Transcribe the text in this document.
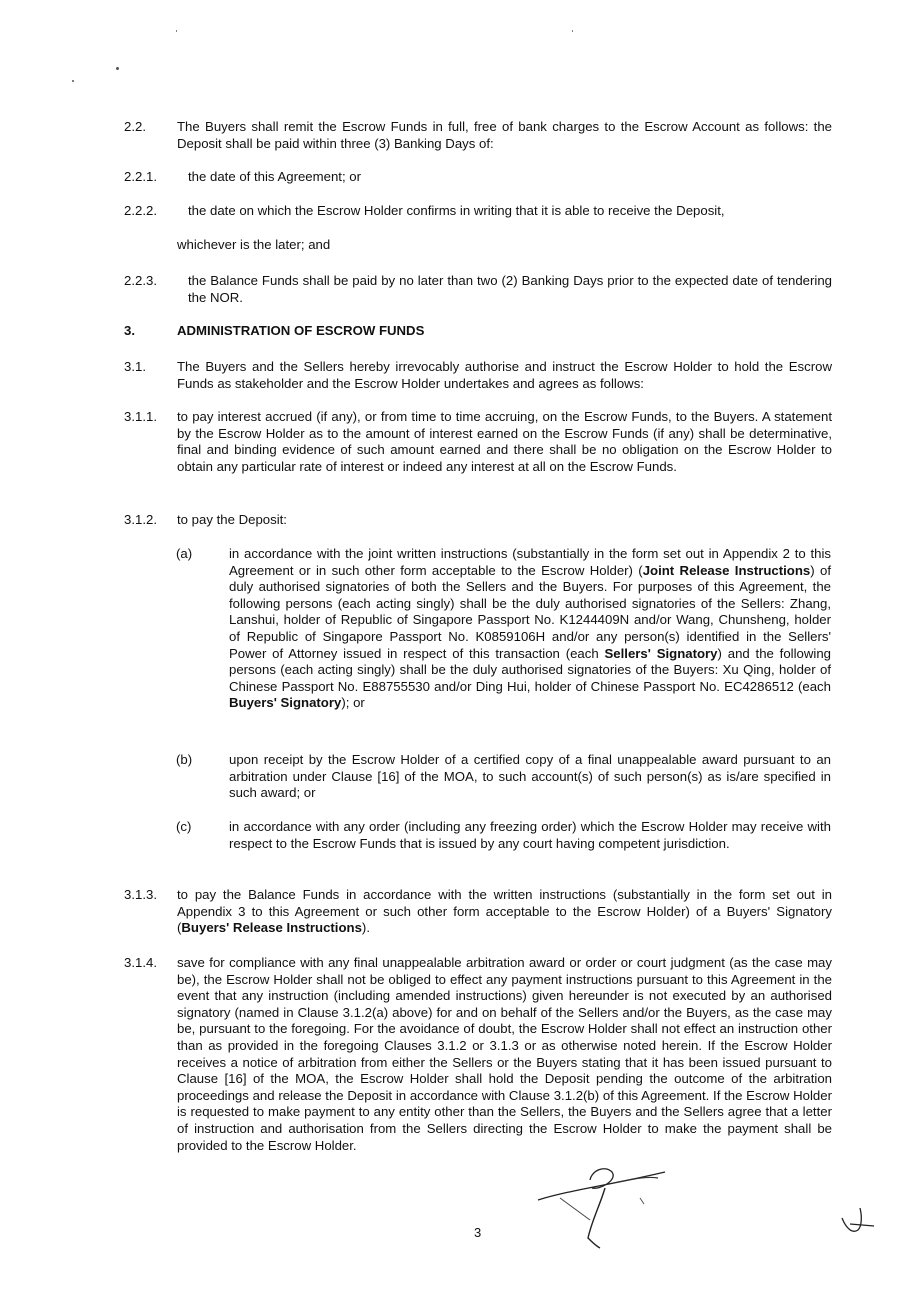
2.2. The Buyers shall remit the Escrow Funds in full, free of bank charges to the Escrow Account as follows: the Deposit shall be paid within three (3) Banking Days of:
2.2.1. the date of this Agreement; or
2.2.2. the date on which the Escrow Holder confirms in writing that it is able to receive the Deposit,
whichever is the later; and
2.2.3. the Balance Funds shall be paid by no later than two (2) Banking Days prior to the expected date of tendering the NOR.
3.	ADMINISTRATION OF ESCROW FUNDS
3.1. The Buyers and the Sellers hereby irrevocably authorise and instruct the Escrow Holder to hold the Escrow Funds as stakeholder and the Escrow Holder undertakes and agrees as follows:
3.1.1. to pay interest accrued (if any), or from time to time accruing, on the Escrow Funds, to the Buyers. A statement by the Escrow Holder as to the amount of interest earned on the Escrow Funds (if any) shall be determinative, final and binding evidence of such amount earned and there shall be no obligation on the Escrow Holder to obtain any particular rate of interest or indeed any interest at all on the Escrow Funds.
3.1.2. to pay the Deposit:
(a)	in accordance with the joint written instructions (substantially in the form set out in Appendix 2 to this Agreement or in such other form acceptable to the Escrow Holder) (Joint Release Instructions) of duly authorised signatories of both the Sellers and the Buyers. For purposes of this Agreement, the following persons (each acting singly) shall be the duly authorised signatories of the Sellers: Zhang, Lanshui, holder of Republic of Singapore Passport No. K1244409N and/or Wang, Chunsheng, holder of Republic of Singapore Passport No. K0859106H and/or any person(s) identified in the Sellers' Power of Attorney issued in respect of this transaction (each Sellers' Signatory) and the following persons (each acting singly) shall be the duly authorised signatories of the Buyers: Xu Qing, holder of Chinese Passport No. E88755530 and/or Ding Hui, holder of Chinese Passport No. EC4286512 (each Buyers' Signatory); or
(b)	upon receipt by the Escrow Holder of a certified copy of a final unappealable award pursuant to an arbitration under Clause [16] of the MOA, to such account(s) of such person(s) as is/are specified in such award; or
(c)	in accordance with any order (including any freezing order) which the Escrow Holder may receive with respect to the Escrow Funds that is issued by any court having competent jurisdiction.
3.1.3. to pay the Balance Funds in accordance with the written instructions (substantially in the form set out in Appendix 3 to this Agreement or such other form acceptable to the Escrow Holder) of a Buyers' Signatory (Buyers' Release Instructions).
3.1.4. save for compliance with any final unappealable arbitration award or order or court judgment (as the case may be), the Escrow Holder shall not be obliged to effect any payment instructions pursuant to this Agreement in the event that any instruction (including amended instructions) given hereunder is not executed by an authorised signatory (named in Clause 3.1.2(a) above) for and on behalf of the Sellers and/or the Buyers, as the case may be, pursuant to the foregoing. For the avoidance of doubt, the Escrow Holder shall not effect an instruction other than as provided in the foregoing Clauses 3.1.2 or 3.1.3 or as otherwise noted herein. If the Escrow Holder receives a notice of arbitration from either the Sellers or the Buyers stating that it has been issued pursuant to Clause [16] of the MOA, the Escrow Holder shall hold the Deposit pending the outcome of the arbitration proceedings and release the Deposit in accordance with Clause 3.1.2(b) of this Agreement. If the Escrow Holder is requested to make payment to any entity other than the Sellers, the Buyers and the Sellers agree that a letter of instruction and authorisation from the Sellers directing the Escrow Holder to make the payment shall be provided to the Escrow Holder.
3
